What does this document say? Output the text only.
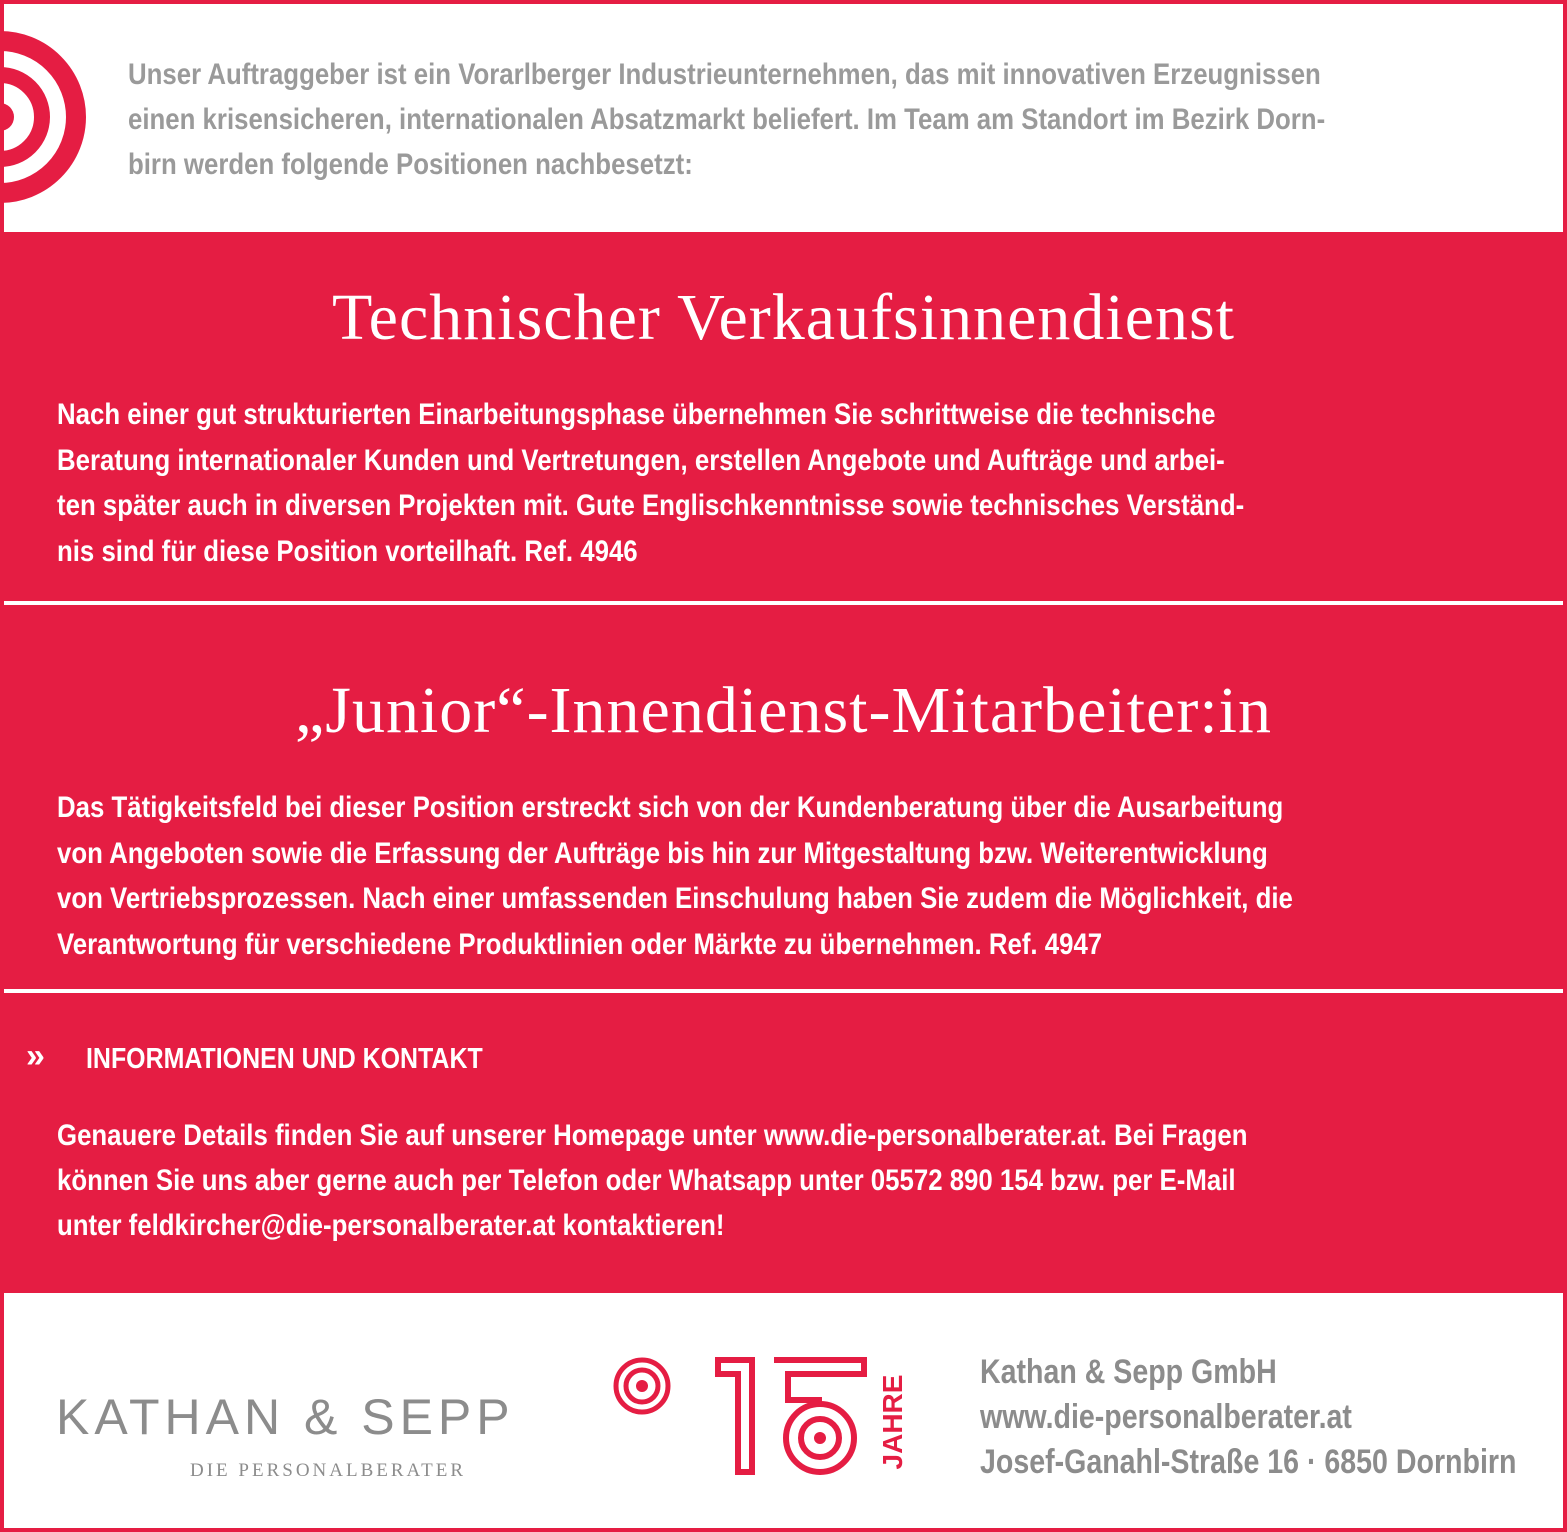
Unser Auftraggeber ist ein Vorarlberger Industrieunternehmen, das mit innovativen Erzeugnissen
einen krisensicheren, internationalen Absatzmarkt beliefert. Im Team am Standort im Bezirk Dorn-
birn werden folgende Positionen nachbesetzt:
Technischer Verkaufsinnendienst
Nach einer gut strukturierten Einarbeitungsphase übernehmen Sie schrittweise die technische
Beratung internationaler Kunden und Vertretungen, erstellen Angebote und Aufträge und arbei-
ten später auch in diversen Projekten mit. Gute Englischkenntnisse sowie technisches Verständ-
nis sind für diese Position vorteilhaft. Ref. 4946
„Junior“-Innendienst-Mitarbeiter:in
Das Tätigkeitsfeld bei dieser Position erstreckt sich von der Kundenberatung über die Ausarbeitung
von Angeboten sowie die Erfassung der Aufträge bis hin zur Mitgestaltung bzw. Weiterentwicklung
von Vertriebsprozessen. Nach einer umfassenden Einschulung haben Sie zudem die Möglichkeit, die
Verantwortung für verschiedene Produktlinien oder Märkte zu übernehmen. Ref. 4947
» INFORMATIONEN UND KONTAKT
Genauere Details finden Sie auf unserer Homepage unter www.die-personalberater.at. Bei Fragen
können Sie uns aber gerne auch per Telefon oder Whatsapp unter 05572 890 154 bzw. per E-Mail
unter feldkircher@die-personalberater.at kontaktieren!
KATHAN & SEPP
DIE PERSONALBERATER
JAHRE
Kathan & Sepp GmbH
www.die-personalberater.at
Josef-Ganahl-Straße 16 · 6850 Dornbirn
